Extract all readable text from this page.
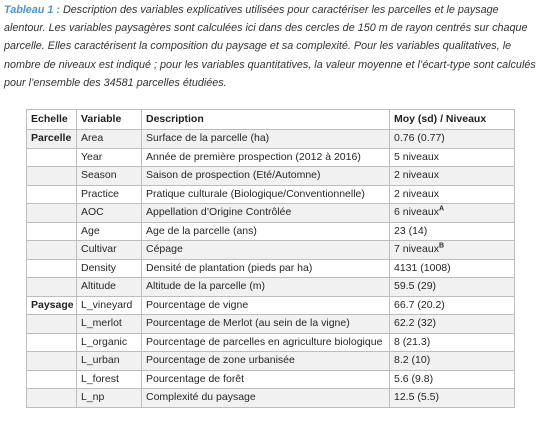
Tableau 1 : Description des variables explicatives utilisées pour caractériser les parcelles et le paysage alentour. Les variables paysagères sont calculées ici dans des cercles de 150 m de rayon centrés sur chaque parcelle. Elles caractérisent la composition du paysage et sa complexité. Pour les variables qualitatives, le nombre de niveaux est indiqué ; pour les variables quantitatives, la valeur moyenne et l’écart-type sont calculés pour l’ensemble des 34581 parcelles étudiées.
Echelle	Variable	Description	Moy (sd) / Niveaux
Parcelle	Area	Surface de la parcelle (ha)	0.76 (0.77)
	Year	Année de première prospection (2012 à 2016)	5 niveaux
	Season	Saison de prospection (Eté/Automne)	2 niveaux
	Practice	Pratique culturale (Biologique/Conventionnelle)	2 niveaux
	AOC	Appellation d’Origine Contrôlée	6 niveaux$^A$
	Age	Age de la parcelle (ans)	23 (14)
	Cultivar	Cépage	7 niveaux$^B$
	Density	Densité de plantation (pieds par ha)	4131 (1008)
	Altitude	Altitude de la parcelle (m)	59.5 (29)
Paysage	L_vineyard	Pourcentage de vigne	66.7 (20.2)
	L_merlot	Pourcentage de Merlot (au sein de la vigne)	62.2 (32)
	L_organic	Pourcentage de parcelles en agriculture biologique	8 (21.3)
	L_urban	Pourcentage de zone urbanisée	8.2 (10)
	L_forest	Pourcentage de forêt	5.6 (9.8)
	L_np	Complexité du paysage	12.5 (5.5)
